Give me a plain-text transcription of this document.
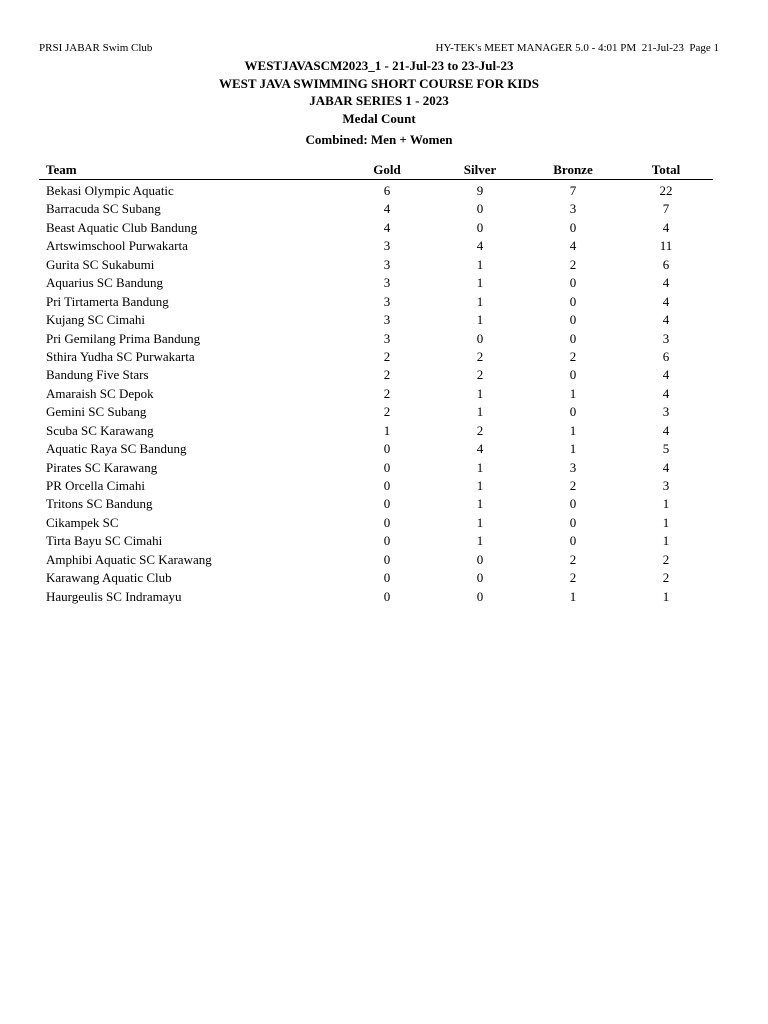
PRSI JABAR Swim Club	HY-TEK's MEET MANAGER 5.0 - 4:01 PM  21-Jul-23  Page 1
WESTJAVASCM2023_1 - 21-Jul-23 to 23-Jul-23
WEST JAVA SWIMMING SHORT COURSE FOR KIDS
JABAR SERIES 1 - 2023
Medal Count
Combined: Men + Women
Team	Gold	Silver	Bronze	Total
Bekasi Olympic Aquatic	6	9	7	22
Barracuda SC Subang	4	0	3	7
Beast Aquatic Club Bandung	4	0	0	4
Artswimschool Purwakarta	3	4	4	11
Gurita SC Sukabumi	3	1	2	6
Aquarius SC Bandung	3	1	0	4
Pri Tirtamerta Bandung	3	1	0	4
Kujang SC Cimahi	3	1	0	4
Pri Gemilang Prima Bandung	3	0	0	3
Sthira Yudha SC Purwakarta	2	2	2	6
Bandung Five Stars	2	2	0	4
Amaraish SC Depok	2	1	1	4
Gemini SC Subang	2	1	0	3
Scuba SC Karawang	1	2	1	4
Aquatic Raya SC Bandung	0	4	1	5
Pirates SC Karawang	0	1	3	4
PR Orcella Cimahi	0	1	2	3
Tritons SC Bandung	0	1	0	1
Cikampek SC	0	1	0	1
Tirta Bayu SC Cimahi	0	1	0	1
Amphibi Aquatic SC Karawang	0	0	2	2
Karawang Aquatic Club	0	0	2	2
Haurgeulis SC Indramayu	0	0	1	1
